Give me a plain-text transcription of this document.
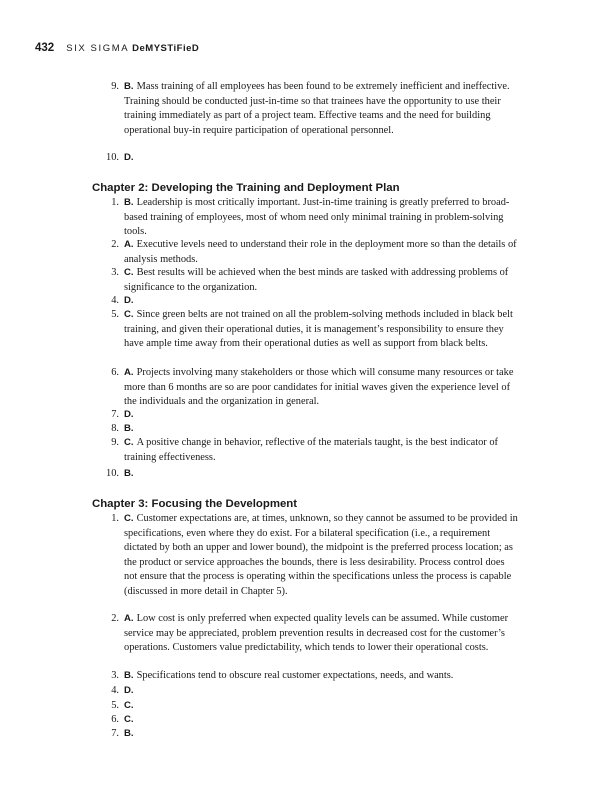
432 SIX SIGMA DeMYSTiFieD
9. B. Mass training of all employees has been found to be extremely inefficient and ineffective. Training should be conducted just-in-time so that trainees have the opportunity to use their training immediately as part of a project team. Effective teams and the need for building operational buy-in require participation of operational personnel.
10. D.
Chapter 2: Developing the Training and Deployment Plan
1. B. Leadership is most critically important. Just-in-time training is greatly preferred to broad-based training of employees, most of whom need only minimal training in problem-solving tools.
2. A. Executive levels need to understand their role in the deployment more so than the details of analysis methods.
3. C. Best results will be achieved when the best minds are tasked with addressing problems of significance to the organization.
4. D.
5. C. Since green belts are not trained on all the problem-solving methods included in black belt training, and given their operational duties, it is management’s responsibility to ensure they have ample time away from their operational duties as well as support from black belts.
6. A. Projects involving many stakeholders or those which will consume many resources or take more than 6 months are so are poor candidates for initial waves given the experience level of the individuals and the organization in general.
7. D.
8. B.
9. C. A positive change in behavior, reflective of the materials taught, is the best indicator of training effectiveness.
10. B.
Chapter 3: Focusing the Development
1. C. Customer expectations are, at times, unknown, so they cannot be assumed to be provided in specifications, even where they do exist. For a bilateral specification (i.e., a requirement dictated by both an upper and lower bound), the midpoint is the preferred process location; as the product or service approaches the bounds, there is less desirability. Process control does not ensure that the process is operating within the specifications unless the process is capable (discussed in more detail in Chapter 5).
2. A. Low cost is only preferred when expected quality levels can be assumed. While customer service may be appreciated, problem prevention results in decreased cost for the customer’s operations. Customers value predictability, which tends to lower their operational costs.
3. B. Specifications tend to obscure real customer expectations, needs, and wants.
4. D.
5. C.
6. C.
7. B.
